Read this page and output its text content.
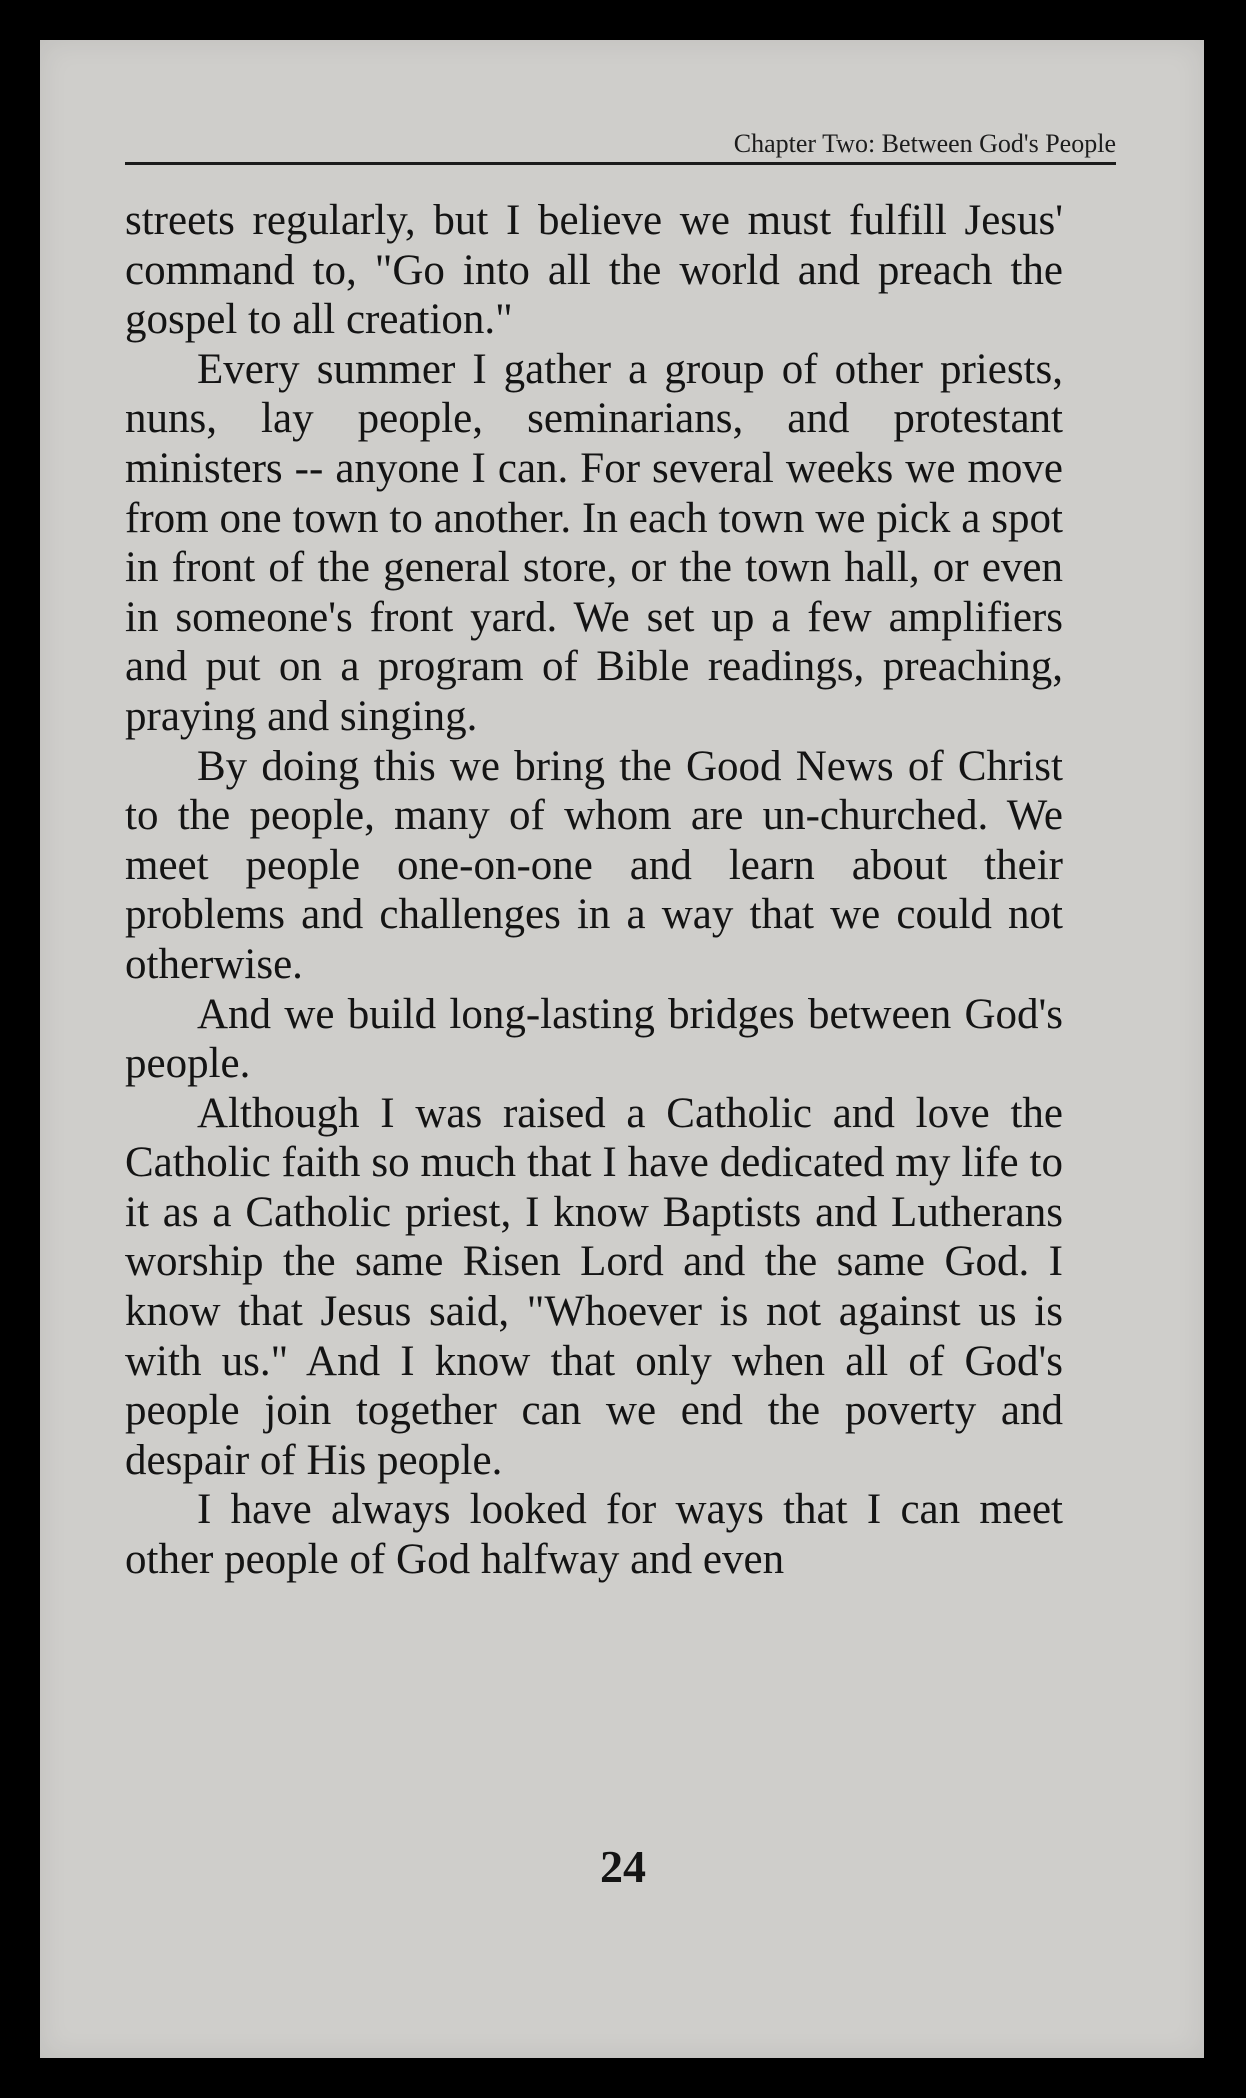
Chapter Two: Between God's People

streets regularly, but I believe we must fulfill Jesus' command to, "Go into all the world and preach the gospel to all creation."

Every summer I gather a group of other priests, nuns, lay people, seminarians, and protestant ministers -- anyone I can. For several weeks we move from one town to another. In each town we pick a spot in front of the general store, or the town hall, or even in someone's front yard. We set up a few amplifiers and put on a program of Bible readings, preaching, praying and singing.

By doing this we bring the Good News of Christ to the people, many of whom are un-churched. We meet people one-on-one and learn about their problems and challenges in a way that we could not otherwise.

And we build long-lasting bridges between God's people.

Although I was raised a Catholic and love the Catholic faith so much that I have dedicated my life to it as a Catholic priest, I know Baptists and Lutherans worship the same Risen Lord and the same God. I know that Jesus said, "Whoever is not against us is with us." And I know that only when all of God's people join together can we end the poverty and despair of His people.

I have always looked for ways that I can meet other people of God halfway and even

24
